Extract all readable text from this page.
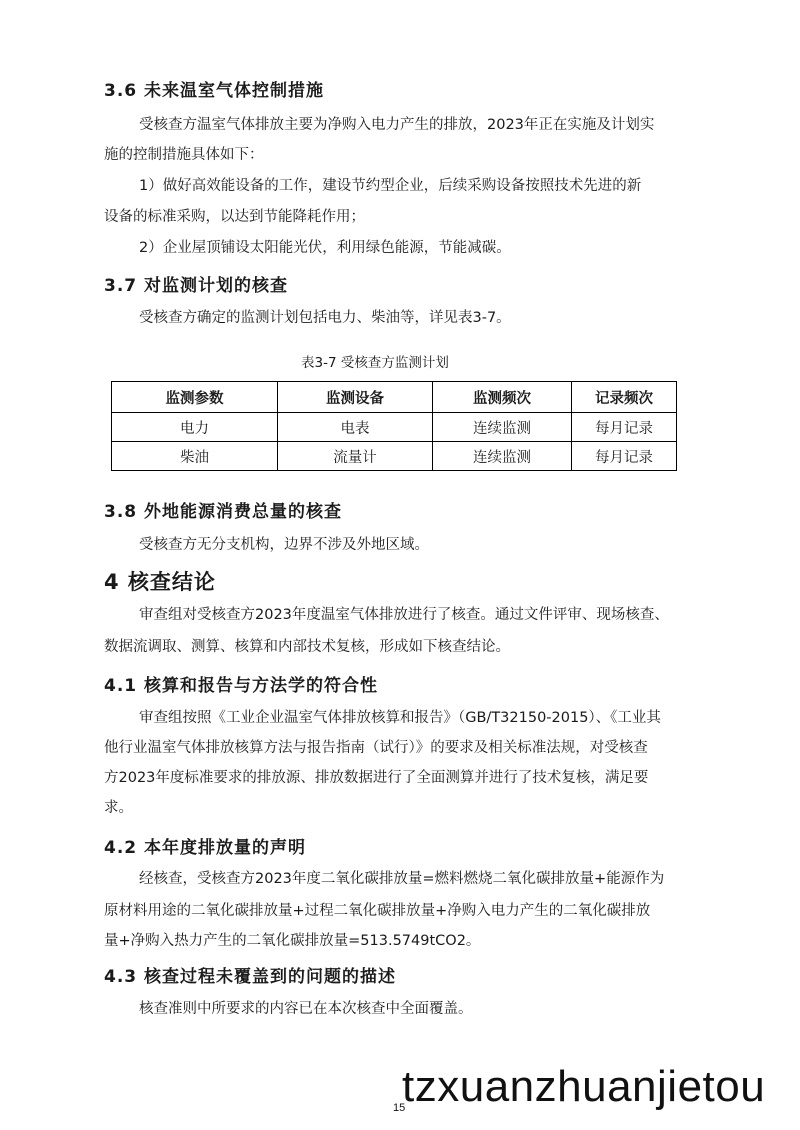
3.6 未来温室气体控制措施
受核查方温室气体排放主要为净购入电力产生的排放，2023年正在实施及计划实
施的控制措施具体如下：
1）做好高效能设备的工作，建设节约型企业，后续采购设备按照技术先进的新
设备的标准采购，以达到节能降耗作用；
2）企业屋顶铺设太阳能光伏，利用绿色能源，节能减碳。
3.7 对监测计划的核查
受核查方确定的监测计划包括电力、柴油等，详见表3-7。
表3-7 受核查方监测计划
监测参数	监测设备	监测频次	记录频次
电力	电表	连续监测	每月记录
柴油	流量计	连续监测	每月记录
3.8 外地能源消费总量的核查
受核查方无分支机构，边界不涉及外地区域。
4 核查结论
审查组对受核查方2023年度温室气体排放进行了核查。通过文件评审、现场核查、
数据流调取、测算、核算和内部技术复核，形成如下核查结论。
4.1 核算和报告与方法学的符合性
审查组按照《工业企业温室气体排放核算和报告》（GB/T32150-2015）、《工业其
他行业温室气体排放核算方法与报告指南（试行）》的要求及相关标准法规，对受核查
方2023年度标准要求的排放源、排放数据进行了全面测算并进行了技术复核，满足要
求。
4.2 本年度排放量的声明
经核查，受核查方2023年度二氧化碳排放量=燃料燃烧二氧化碳排放量+能源作为
原材料用途的二氧化碳排放量+过程二氧化碳排放量+净购入电力产生的二氧化碳排放
量+净购入热力产生的二氧化碳排放量=513.5749tCO2。
4.3 核查过程未覆盖到的问题的描述
核查准则中所要求的内容已在本次核查中全面覆盖。
tzxuanzhuanjietou
15
